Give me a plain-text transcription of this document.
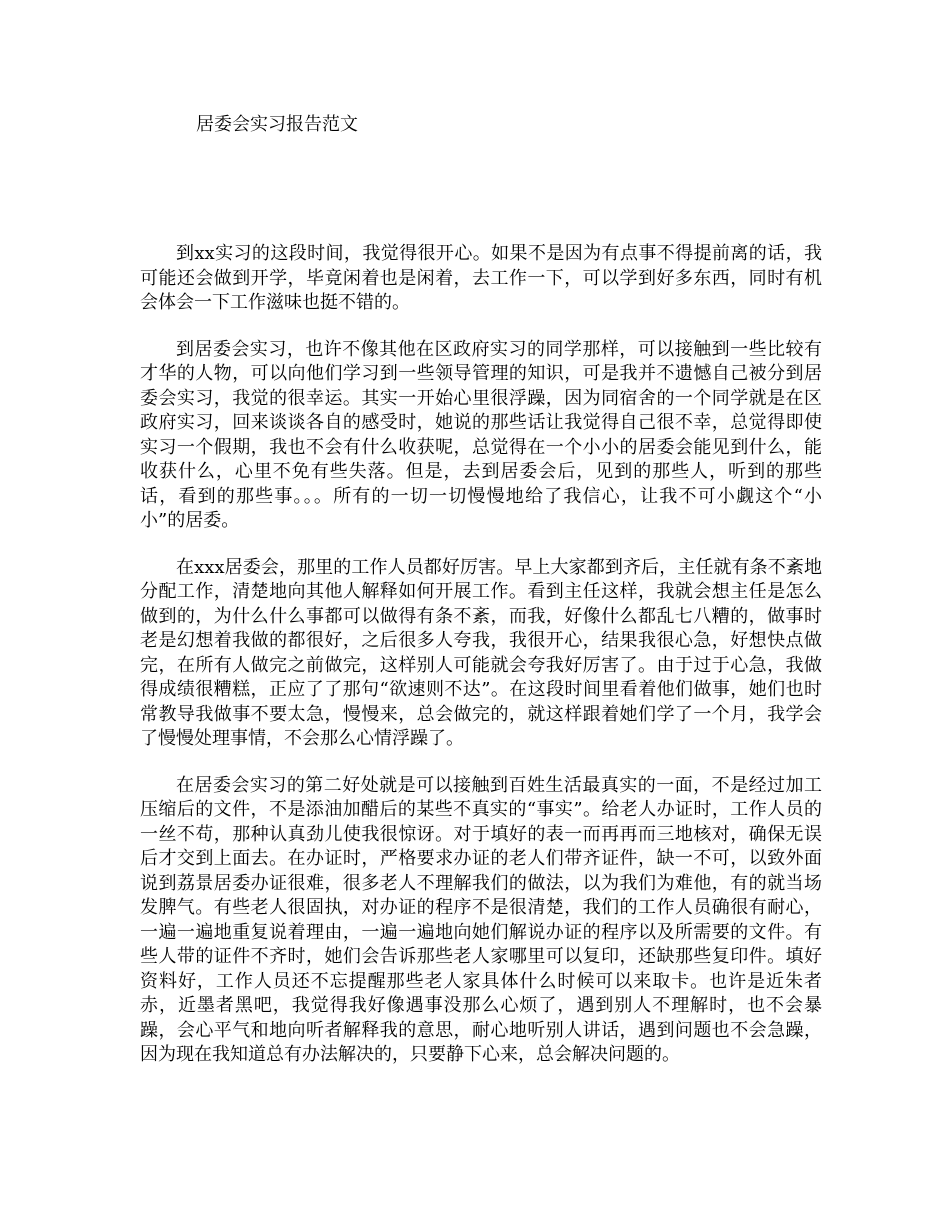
居委会实习报告范文

到xx实习的这段时间，我觉得很开心。如果不是因为有点事不得提前离的话，我可能还会做到开学，毕竟闲着也是闲着，去工作一下，可以学到好多东西，同时有机会体会一下工作滋味也挺不错的。

到居委会实习，也许不像其他在区政府实习的同学那样，可以接触到一些比较有才华的人物，可以向他们学习到一些领导管理的知识，可是我并不遗憾自己被分到居委会实习，我觉的很幸运。其实一开始心里很浮躁，因为同宿舍的一个同学就是在区政府实习，回来谈谈各自的感受时，她说的那些话让我觉得自己很不幸，总觉得即使实习一个假期，我也不会有什么收获呢，总觉得在一个小小的居委会能见到什么，能收获什么，心里不免有些失落。但是，去到居委会后，见到的那些人，听到的那些话，看到的那些事。。。所有的一切一切慢慢地给了我信心，让我不可小觑这个“小小”的居委。

在xxx居委会，那里的工作人员都好厉害。早上大家都到齐后，主任就有条不紊地分配工作，清楚地向其他人解释如何开展工作。看到主任这样，我就会想主任是怎么做到的，为什么什么事都可以做得有条不紊，而我，好像什么都乱七八糟的，做事时老是幻想着我做的都很好，之后很多人夸我，我很开心，结果我很心急，好想快点做完，在所有人做完之前做完，这样别人可能就会夸我好厉害了。由于过于心急，我做得成绩很糟糕，正应了了那句“欲速则不达”。在这段时间里看着他们做事，她们也时常教导我做事不要太急，慢慢来，总会做完的，就这样跟着她们学了一个月，我学会了慢慢处理事情，不会那么心情浮躁了。

在居委会实习的第二好处就是可以接触到百姓生活最真实的一面，不是经过加工压缩后的文件，不是添油加醋后的某些不真实的“事实”。给老人办证时，工作人员的一丝不苟，那种认真劲儿使我很惊讶。对于填好的表一而再再而三地核对，确保无误后才交到上面去。在办证时，严格要求办证的老人们带齐证件，缺一不可，以致外面说到荔景居委办证很难，很多老人不理解我们的做法，以为我们为难他，有的就当场发脾气。有些老人很固执，对办证的程序不是很清楚，我们的工作人员确很有耐心，一遍一遍地重复说着理由，一遍一遍地向她们解说办证的程序以及所需要的文件。有些人带的证件不齐时，她们会告诉那些老人家哪里可以复印，还缺那些复印件。填好资料好，工作人员还不忘提醒那些老人家具体什么时候可以来取卡。也许是近朱者赤，近墨者黑吧，我觉得我好像遇事没那么心烦了，遇到别人不理解时，也不会暴躁，会心平气和地向听者解释我的意思，耐心地听别人讲话，遇到问题也不会急躁，因为现在我知道总有办法解决的，只要静下心来，总会解决问题的。
